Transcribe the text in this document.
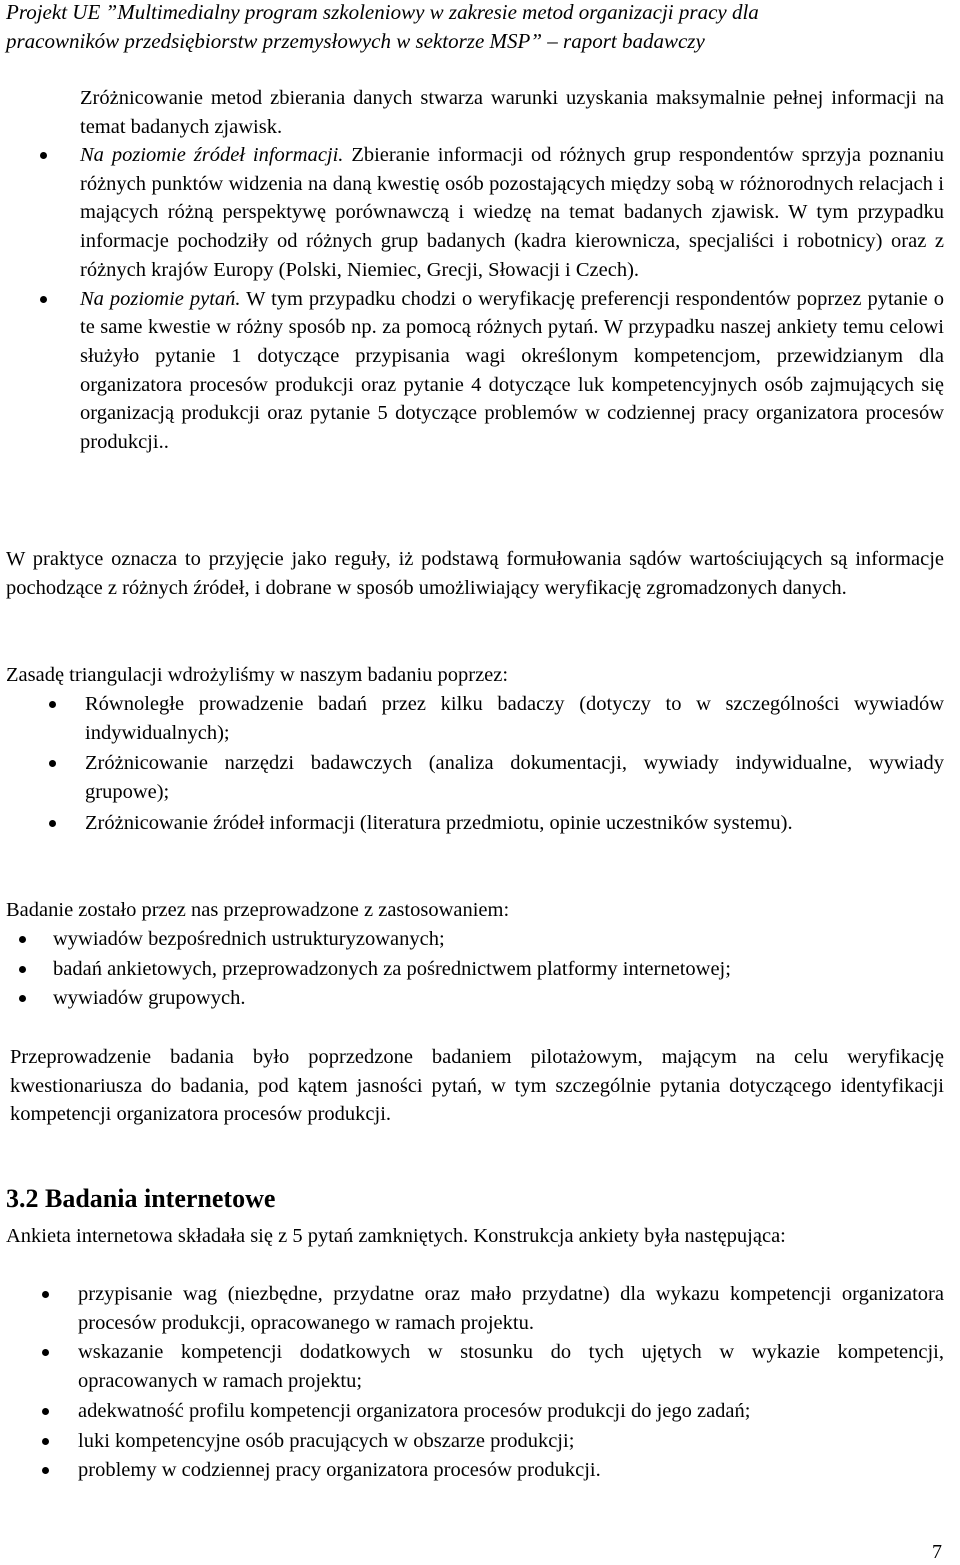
Projekt UE ”Multimedialny program szkoleniowy w zakresie metod organizacji pracy dla
pracowników przedsiębiorstw przemysłowych w sektorze MSP” – raport badawczy
Zróżnicowanie metod zbierania danych stwarza warunki uzyskania maksymalnie pełnej informacji na temat badanych zjawisk.
Na poziomie źródeł informacji. Zbieranie informacji od różnych grup respondentów sprzyja poznaniu różnych punktów widzenia na daną kwestię osób pozostających między sobą w różnorodnych relacjach i mających różną perspektywę porównawczą i wiedzę na temat badanych zjawisk. W tym przypadku informacje pochodziły od różnych grup badanych (kadra kierownicza, specjaliści i robotnicy) oraz z różnych krajów Europy (Polski, Niemiec, Grecji, Słowacji i Czech).
Na poziomie pytań. W tym przypadku chodzi o weryfikację preferencji respondentów poprzez pytanie o te same kwestie w różny sposób np. za pomocą różnych pytań. W przypadku naszej ankiety temu celowi służyło pytanie 1 dotyczące przypisania wagi określonym kompetencjom, przewidzianym dla organizatora procesów produkcji oraz pytanie 4 dotyczące luk kompetencyjnych osób zajmujących się organizacją produkcji oraz pytanie 5 dotyczące problemów w codziennej pracy organizatora procesów produkcji..
W praktyce oznacza to przyjęcie jako reguły, iż podstawą formułowania sądów wartościujących są informacje pochodzące z różnych źródeł, i dobrane w sposób umożliwiający weryfikację zgromadzonych danych.
Zasadę triangulacji wdrożyliśmy w naszym badaniu poprzez:
Równoległe prowadzenie badań przez kilku badaczy (dotyczy to w szczególności wywiadów indywidualnych);
Zróżnicowanie narzędzi badawczych (analiza dokumentacji, wywiady indywidualne, wywiady grupowe);
Zróżnicowanie źródeł informacji (literatura przedmiotu, opinie uczestników systemu).
Badanie zostało przez nas przeprowadzone z zastosowaniem:
wywiadów bezpośrednich ustrukturyzowanych;
badań ankietowych, przeprowadzonych za pośrednictwem platformy internetowej;
wywiadów grupowych.
Przeprowadzenie badania było poprzedzone badaniem pilotażowym, mającym na celu weryfikację kwestionariusza do badania, pod kątem jasności pytań, w tym szczególnie pytania dotyczącego identyfikacji kompetencji organizatora procesów produkcji.
3.2 Badania internetowe
Ankieta internetowa składała się z 5 pytań zamkniętych. Konstrukcja ankiety była następująca:
przypisanie wag (niezbędne, przydatne oraz mało przydatne) dla wykazu kompetencji organizatora procesów produkcji, opracowanego w ramach projektu.
wskazanie kompetencji dodatkowych w stosunku do tych ujętych w wykazie kompetencji, opracowanych w ramach projektu;
adekwatność profilu kompetencji organizatora procesów produkcji do jego zadań;
luki kompetencyjne osób pracujących w obszarze produkcji;
problemy w codziennej pracy organizatora procesów produkcji.
7
